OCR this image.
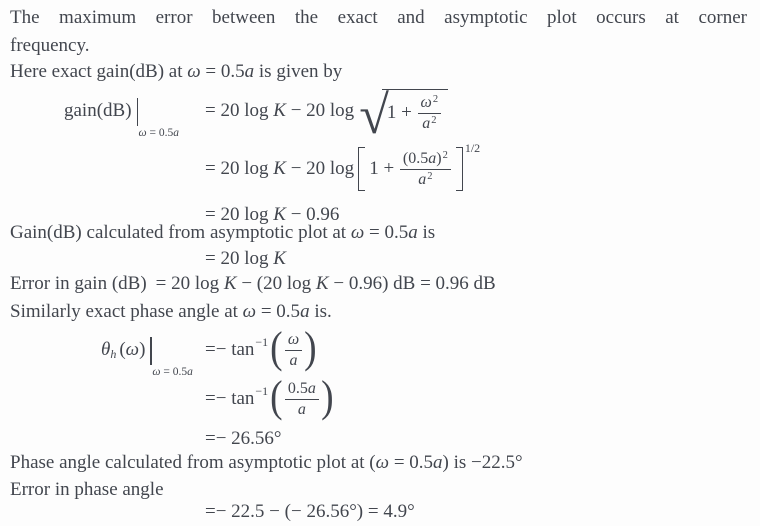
The maximum error between the exact and asymptotic plot occurs at corner
frequency.
Here exact gain(dB) at ω = 0.5a is given by
gain(dB)
ω = 0.5a
= 20 log K − 20 log √
$1 + \frac{\omega^2}{a^2}$
= 20 log K − 20 $\log 1 + \frac{(0.5a)^2}{a^2}$
1/2
= 20 log K − 0.96
Gain(dB) calculated from asymptotic plot at ω = 0.5a is
= 20 log K
Error in gain (dB) = 20 log K − (20 log K − 0.96) dB = 0.96 dB
Similarly exact phase angle at ω = 0.5a is.
θ h ( ω )
ω = 0.5a
=− tan −1 ( $\frac{\omega}{a}$ )
=− tan −1 ( $\frac{0.5a}{a}$ )
=− 26.56°
Phase angle calculated from asymptotic plot at (ω = 0.5a) is −22.5°
Error in phase angle
=− 22.5 − (− 26.56°) = 4.9°
